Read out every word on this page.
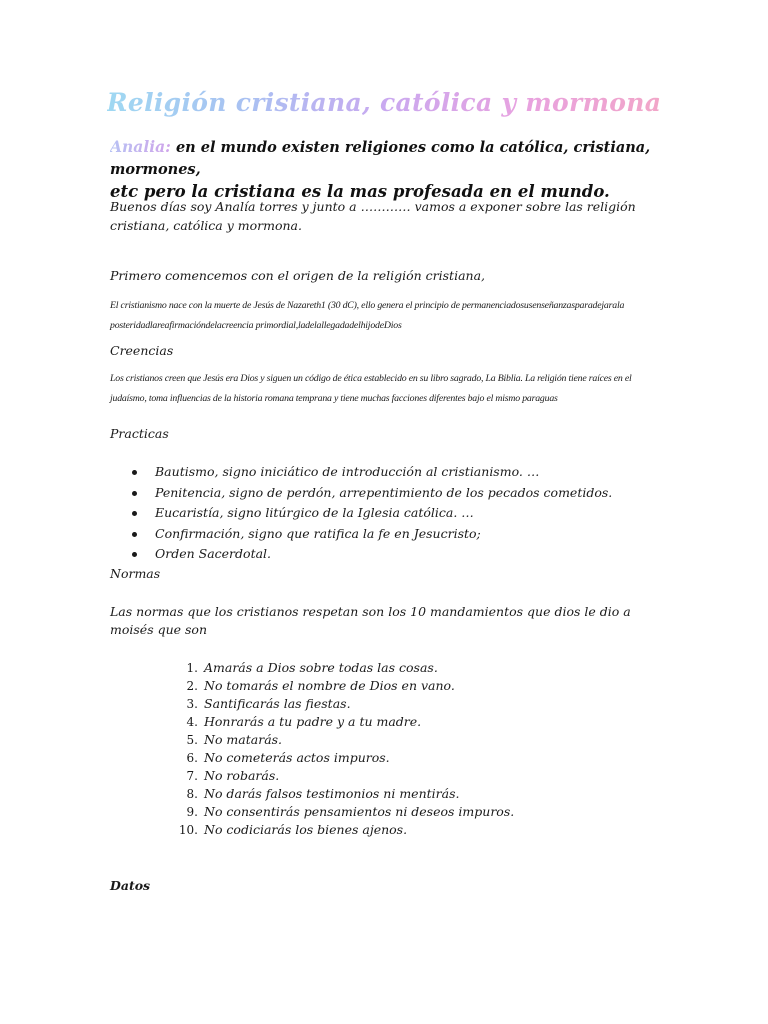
Religión cristiana, católica y mormona
Analia: en el mundo existen religiones como la católica, cristiana, mormones,
etc pero la cristiana es la mas profesada en el mundo.
Buenos días soy Analía torres y junto a ………… vamos a exponer sobre las religión cristiana, católica y mormona.
Primero comencemos con el origen de la religión cristiana,
El cristianismo nace con la muerte de Jesús de Nazareth1 (30 dC), ello genera el principio de permanenciadosusenseñanzasparadejarala
posteridadlareafirmacióndelacreencia primordial,ladelallegadadelhijodeDios
Creencias
Los cristianos creen que Jesús era Dios y siguen un código de ética establecido en su libro sagrado, La Biblia. La religión tiene raíces en el
judaísmo, toma influencias de la historia romana temprana y tiene muchas facciones diferentes bajo el mismo paraguas
Practicas
Bautismo, signo iniciático de introducción al cristianismo. …
Penitencia, signo de perdón, arrepentimiento de los pecados cometidos.
Eucaristía, signo litúrgico de la Iglesia católica. …
Confirmación, signo que ratifica la fe en Jesucristo;
Orden Sacerdotal.
Normas
Las normas que los cristianos respetan son los 10 mandamientos que dios le dio a moisés que son
1. Amarás a Dios sobre todas las cosas.
2. No tomarás el nombre de Dios en vano.
3. Santificarás las fiestas.
4. Honrarás a tu padre y a tu madre.
5. No matarás.
6. No cometerás actos impuros.
7. No robarás.
8. No darás falsos testimonios ni mentirás.
9. No consentirás pensamientos ni deseos impuros.
10. No codiciarás los bienes ajenos.
Datos
